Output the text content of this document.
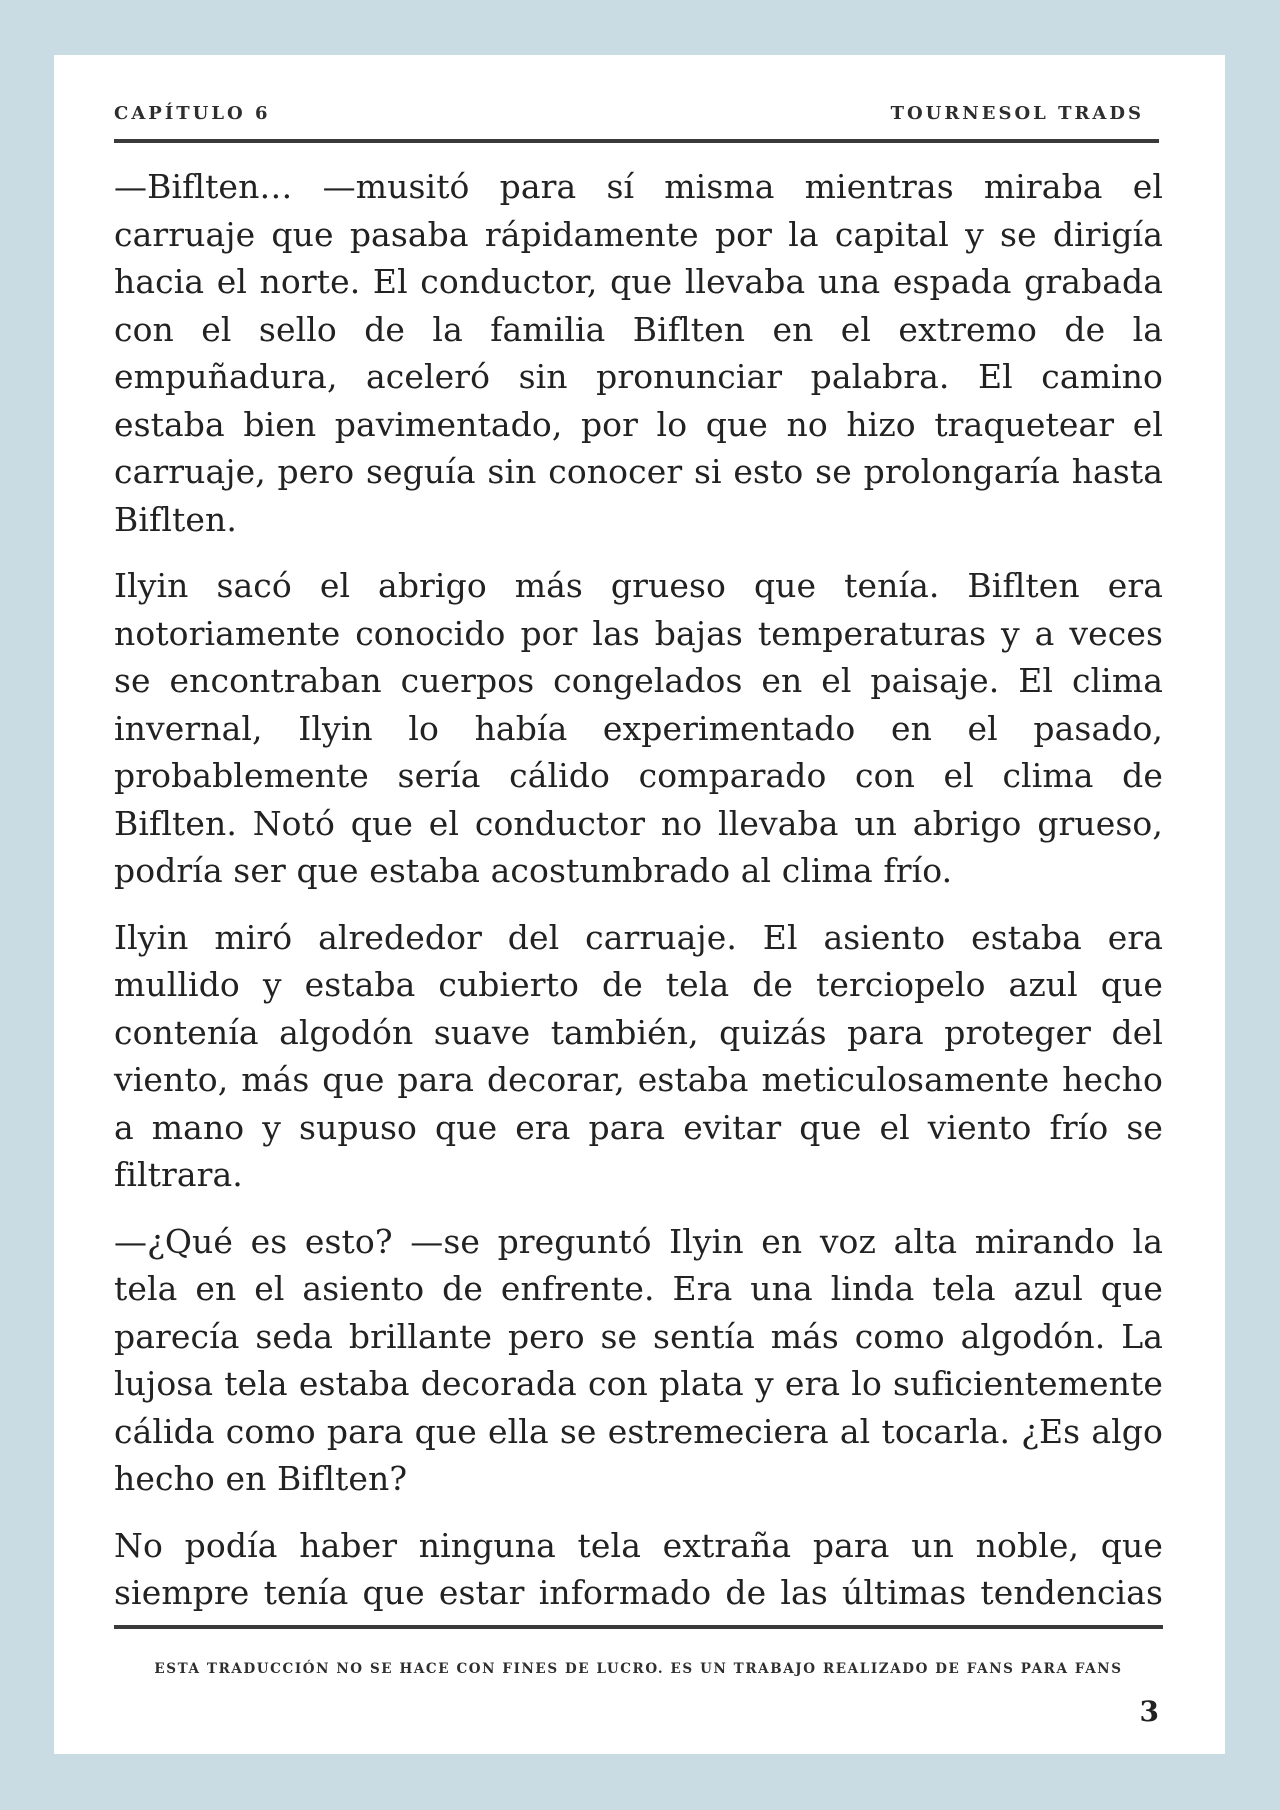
CAPÍTULO 6	TOURNESOL TRADS

—Biflten… —musitó para sí misma mientras miraba el carruaje que pasaba rápidamente por la capital y se dirigía hacia el norte. El conductor, que llevaba una espada grabada con el sello de la familia Biflten en el extremo de la empuñadura, aceleró sin pronunciar palabra. El camino estaba bien pavimentado, por lo que no hizo traquetear el carruaje, pero seguía sin conocer si esto se prolongaría hasta Biflten.

Ilyin sacó el abrigo más grueso que tenía. Biflten era notoriamente conocido por las bajas temperaturas y a veces se encontraban cuerpos congelados en el paisaje. El clima invernal, Ilyin lo había experimentado en el pasado, probablemente sería cálido comparado con el clima de Biflten. Notó que el conductor no llevaba un abrigo grueso, podría ser que estaba acostumbrado al clima frío.

Ilyin miró alrededor del carruaje. El asiento estaba era mullido y estaba cubierto de tela de terciopelo azul que contenía algodón suave también, quizás para proteger del viento, más que para decorar, estaba meticulosamente hecho a mano y supuso que era para evitar que el viento frío se filtrara.

—¿Qué es esto? —se preguntó Ilyin en voz alta mirando la tela en el asiento de enfrente. Era una linda tela azul que parecía seda brillante pero se sentía más como algodón. La lujosa tela estaba decorada con plata y era lo suficientemente cálida como para que ella se estremeciera al tocarla. ¿Es algo hecho en Biflten?

No podía haber ninguna tela extraña para un noble, que siempre tenía que estar informado de las últimas tendencias

ESTA TRADUCCIÓN NO SE HACE CON FINES DE LUCRO. ES UN TRABAJO REALIZADO DE FANS PARA FANS
3
